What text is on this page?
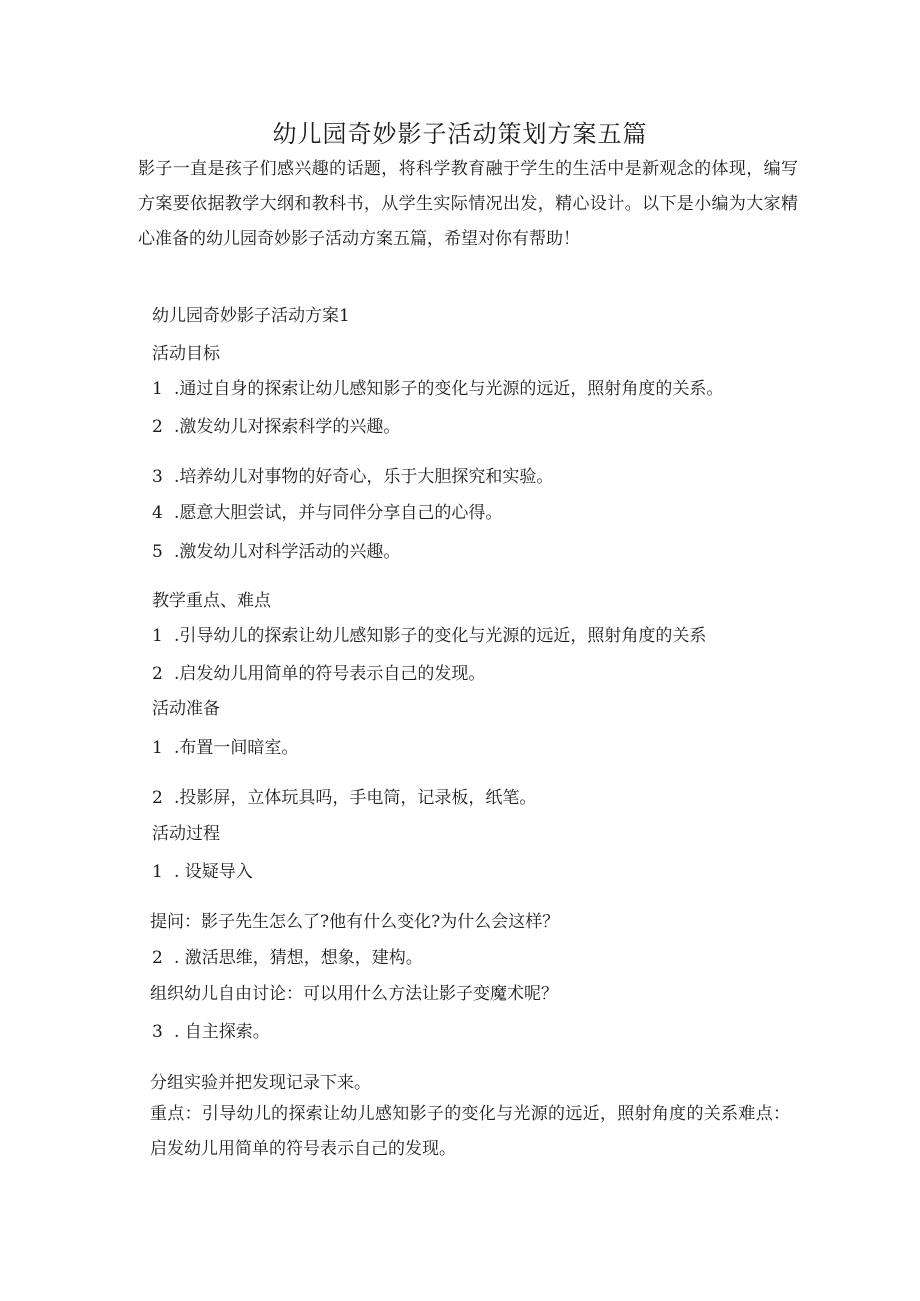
幼儿园奇妙影子活动策划方案五篇
影子一直是孩子们感兴趣的话题，将科学教育融于学生的生活中是新观念的体现，编写方案要依据教学大纲和教科书，从学生实际情况出发，精心设计。以下是小编为大家精心准备的幼儿园奇妙影子活动方案五篇，希望对你有帮助！
幼儿园奇妙影子活动方案1
活动目标
1 .通过自身的探索让幼儿感知影子的变化与光源的远近，照射角度的关系。
2 .激发幼儿对探索科学的兴趣。
3 .培养幼儿对事物的好奇心，乐于大胆探究和实验。
4 .愿意大胆尝试，并与同伴分享自己的心得。
5 .激发幼儿对科学活动的兴趣。
教学重点、难点
1 .引导幼儿的探索让幼儿感知影子的变化与光源的远近，照射角度的关系
2 .启发幼儿用简单的符号表示自己的发现。
活动准备
1 .布置一间暗室。
2 .投影屏，立体玩具吗，手电筒，记录板，纸笔。
活动过程
1 . 设疑导入
提问：影子先生怎么了?他有什么变化?为什么会这样？
2 . 激活思维，猜想，想象，建构。
组织幼儿自由讨论：可以用什么方法让影子变魔术呢？
3 . 自主探索。
分组实验并把发现记录下来。
重点：引导幼儿的探索让幼儿感知影子的变化与光源的远近，照射角度的关系难点：启发幼儿用简单的符号表示自己的发现。
